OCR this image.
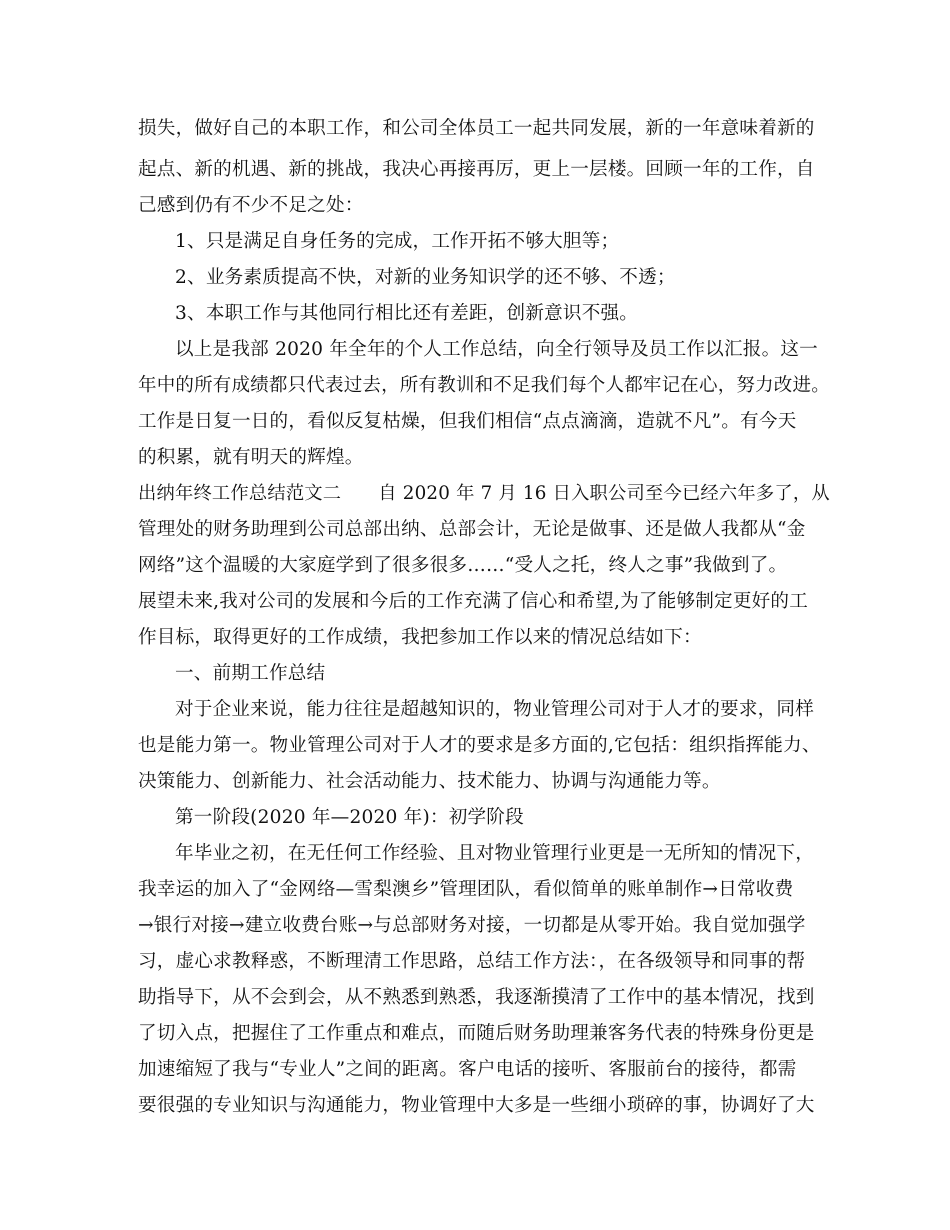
损失，做好自己的本职工作，和公司全体员工一起共同发展，新的一年意味着新的
起点、新的机遇、新的挑战，我决心再接再厉，更上一层楼。回顾一年的工作，自
己感到仍有不少不足之处：
1、只是满足自身任务的完成，工作开拓不够大胆等；
2、业务素质提高不快，对新的业务知识学的还不够、不透；
3、本职工作与其他同行相比还有差距，创新意识不强。
以上是我部 2020 年全年的个人工作总结，向全行领导及员工作以汇报。这一
年中的所有成绩都只代表过去，所有教训和不足我们每个人都牢记在心，努力改进。
工作是日复一日的，看似反复枯燥，但我们相信“点点滴滴，造就不凡”。有今天
的积累，就有明天的辉煌。
出纳年终工作总结范文二　　自 2020 年 7 月 16 日入职公司至今已经六年多了，从
管理处的财务助理到公司总部出纳、总部会计，无论是做事、还是做人我都从“金
网络”这个温暖的大家庭学到了很多很多……“受人之托，终人之事”我做到了。
展望未来,我对公司的发展和今后的工作充满了信心和希望,为了能够制定更好的工
作目标，取得更好的工作成绩，我把参加工作以来的情况总结如下：
一、前期工作总结
对于企业来说，能力往往是超越知识的，物业管理公司对于人才的要求，同样
也是能力第一。物业管理公司对于人才的要求是多方面的,它包括：组织指挥能力、
决策能力、创新能力、社会活动能力、技术能力、协调与沟通能力等。
第一阶段(2020 年—2020 年)：初学阶段
年毕业之初，在无任何工作经验、且对物业管理行业更是一无所知的情况下，
我幸运的加入了“金网络—雪梨澳乡”管理团队，看似简单的账单制作→日常收费
→银行对接→建立收费台账→与总部财务对接，一切都是从零开始。我自觉加强学
习，虚心求教释惑，不断理清工作思路，总结工作方法：，在各级领导和同事的帮
助指导下，从不会到会，从不熟悉到熟悉，我逐渐摸清了工作中的基本情况，找到
了切入点，把握住了工作重点和难点，而随后财务助理兼客务代表的特殊身份更是
加速缩短了我与“专业人”之间的距离。客户电话的接听、客服前台的接待，都需
要很强的专业知识与沟通能力，物业管理中大多是一些细小琐碎的事，协调好了大
